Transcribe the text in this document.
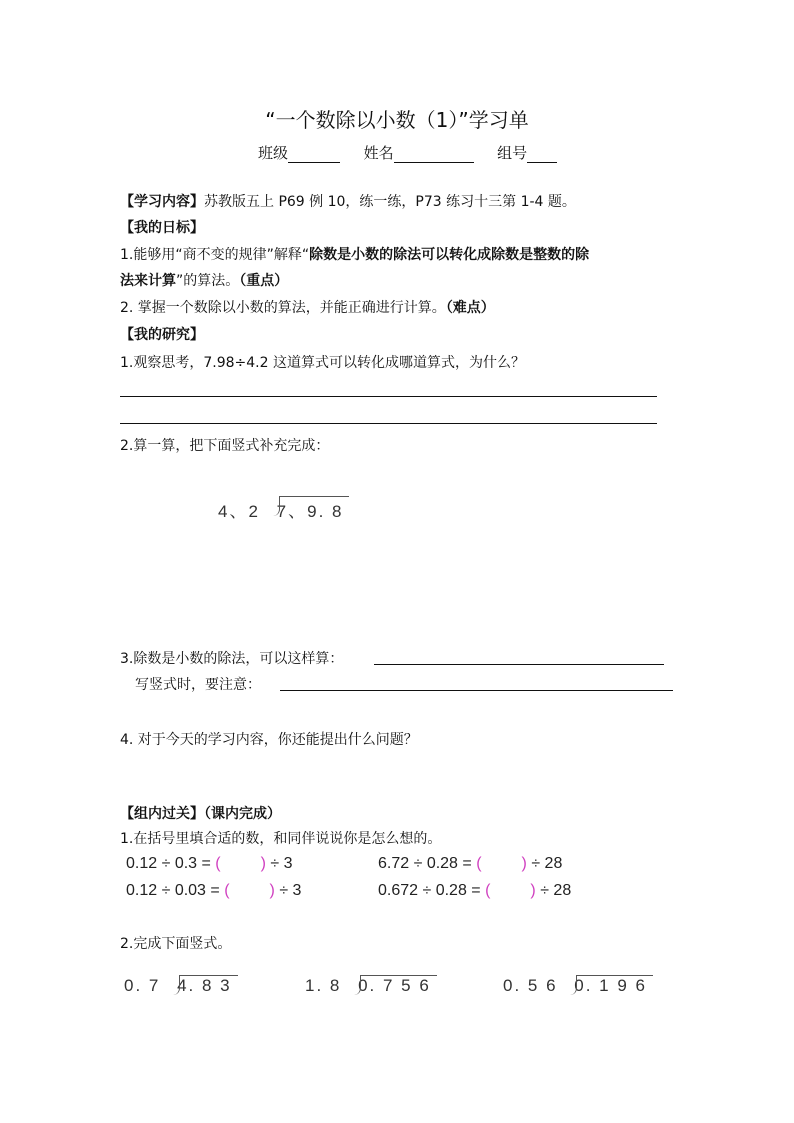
“一个数除以小数（1）”学习单
班级	姓名	组号
【学习内容】苏教版五上 P69 例 10，练一练，P73 练习十三第 1-4 题。
【我的日标】
1.能够用“商不变的规律”解释“除数是小数的除法可以转化成除数是整数的除
法来计算”的算法。（重点）
2. 掌握一个数除以小数的算法，并能正确进行计算。（难点）
【我的研究】
1.观察思考，7.98÷4.2 这道算式可以转化成哪道算式，为什么？
2.算一算，把下面竖式补充完成：
4、2 7、9. 8
3.除数是小数的除法，可以这样算：
写竖式时，要注意：
4. 对于今天的学习内容，你还能提出什么问题？
【组内过关】（课内完成）
1.在括号里填合适的数，和同伴说说你是怎么想的。
0.12 ÷ 0.3 = (	) ÷ 3	6.72 ÷ 0.28 = (	) ÷ 28
0.12 ÷ 0.03 = (	) ÷ 3	0.672 ÷ 0.28 = (	) ÷ 28
2.完成下面竖式。
0. 7 4. 8 3	1. 8 0. 7 5 6	0. 5 6 0. 1 9 6
